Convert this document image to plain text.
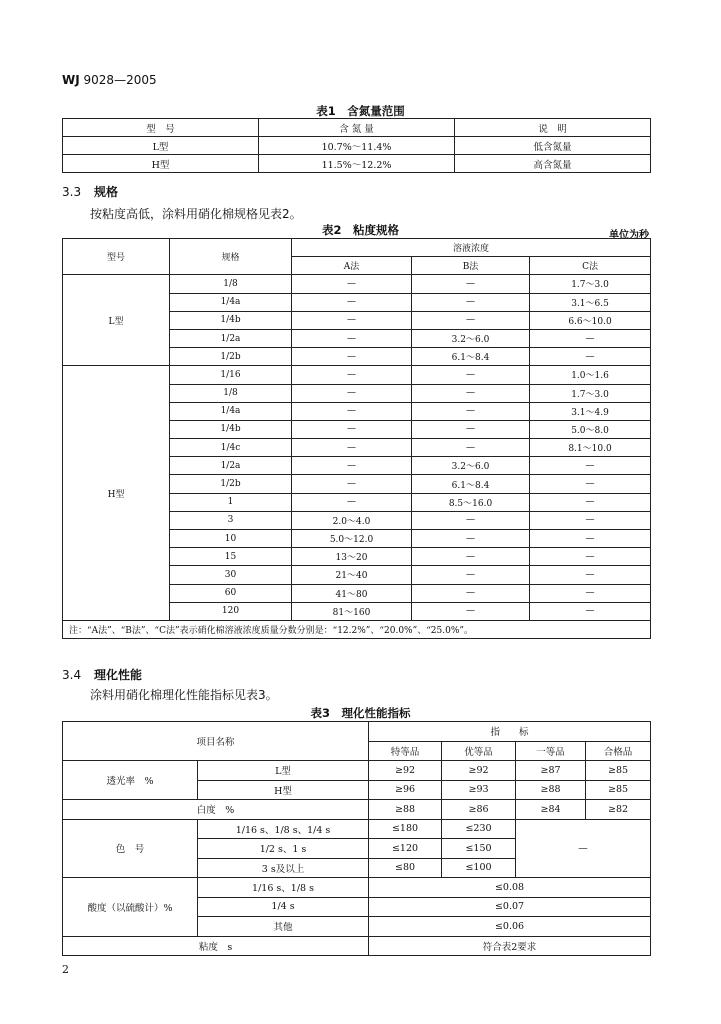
WJ 9028—2005
表1　含氮量范围
型　号	含 氮 量	说　明
L型	10.7%～11.4%	低含氮量
H型	11.5%～12.2%	高含氮量
3.3 规格
按粘度高低，涂料用硝化棉规格见表2。
表2　粘度规格	单位为秒
型号	规格	溶液浓度		
		A法	B法	C法
L型	1/8	—	—	1.7～3.0
	1/4a	—	—	3.1～6.5
	1/4b	—	—	6.6～10.0
	1/2a	—	3.2～6.0	—
	1/2b	—	6.1～8.4	—
H型	1/16	—	—	1.0～1.6
	1/8	—	—	1.7～3.0
	1/4a	—	—	3.1～4.9
	1/4b	—	—	5.0～8.0
	1/4c	—	—	8.1～10.0
	1/2a	—	3.2～6.0	—
	1/2b	—	6.1～8.4	—
	1	—	8.5～16.0	—
	3	2.0～4.0	—	—
	10	5.0～12.0	—	—
	15	13～20	—	—
	30	21～40	—	—
	60	41～80	—	—
	120	81～160	—	—
注：“A法”、“B法”、“C法”表示硝化棉溶液浓度质量分数分别是：“12.2%”、“20.0%”、“25.0%”。				
3.4 理化性能
涂料用硝化棉理化性能指标见表3。
表3　理化性能指标
项目名称		指　　标			
		特等品	优等品	一等品	合格品
透光率　%	L型	≥92	≥92	≥87	≥85
	H型	≥96	≥93	≥88	≥85
白度　%		≥88	≥86	≥84	≥82
色　号	1/16 s、1/8 s、1/4 s	≤180	≤230	—	
	1/2 s、1 s	≤120	≤150		
	3 s及以上	≤80	≤100		
酸度（以硫酸计）%	1/16 s、1/8 s	≤0.08			
	1/4 s	≤0.07			
	其他	≤0.06			
粘度　s		符合表2要求			
2
